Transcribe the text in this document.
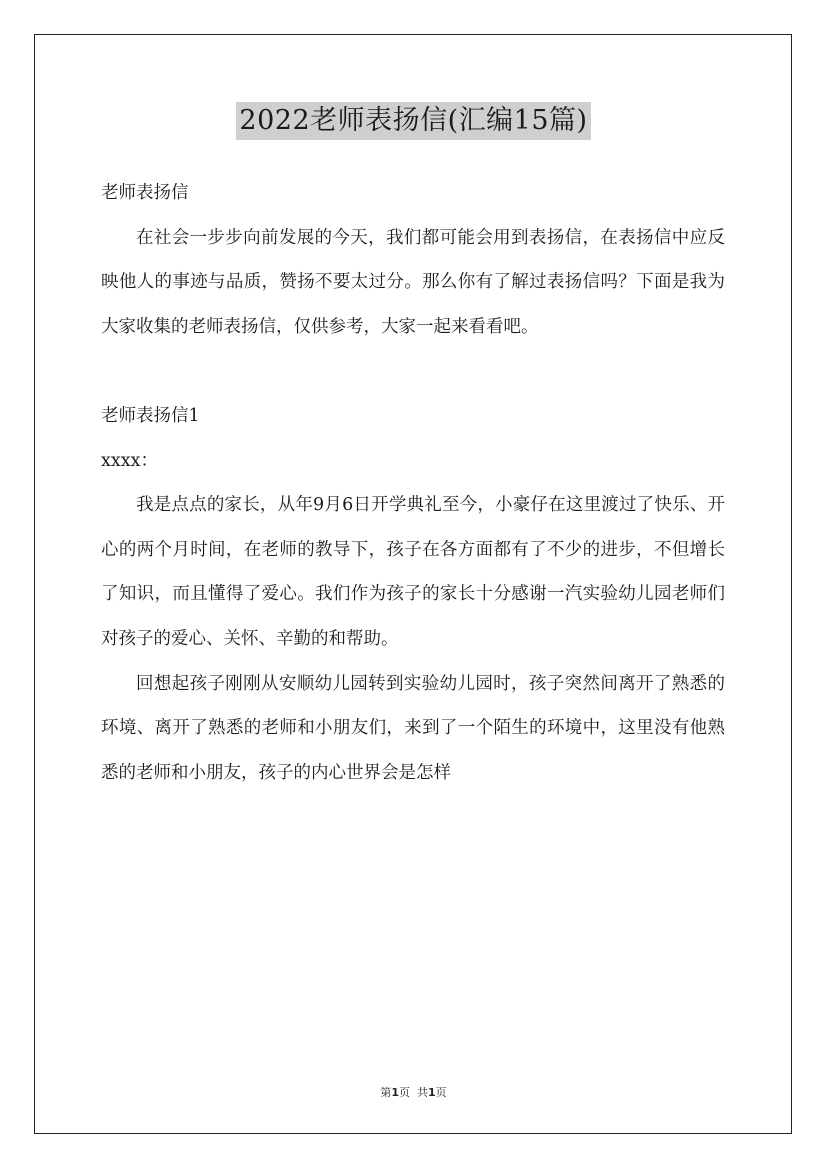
2022老师表扬信(汇编15篇)

老师表扬信

在社会一步步向前发展的今天，我们都可能会用到表扬信，在表扬信中应反映他人的事迹与品质，赞扬不要太过分。那么你有了解过表扬信吗？下面是我为大家收集的老师表扬信，仅供参考，大家一起来看看吧。

老师表扬信1

xxxx：

我是点点的家长，从年9月6日开学典礼至今，小豪仔在这里渡过了快乐、开心的两个月时间，在老师的教导下，孩子在各方面都有了不少的进步，不但增长了知识，而且懂得了爱心。我们作为孩子的家长十分感谢一汽实验幼儿园老师们对孩子的爱心、关怀、辛勤的和帮助。

回想起孩子刚刚从安顺幼儿园转到实验幼儿园时，孩子突然间离开了熟悉的环境、离开了熟悉的老师和小朋友们，来到了一个陌生的环境中，这里没有他熟悉的老师和小朋友，孩子的内心世界会是怎样

第1页  共1页
